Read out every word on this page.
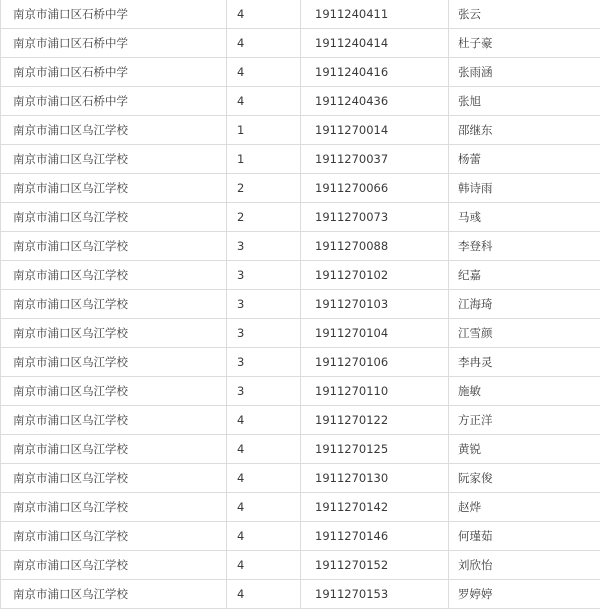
南京市浦口区石桥中学	4	1911240411	张云
南京市浦口区石桥中学	4	1911240414	杜子豪
南京市浦口区石桥中学	4	1911240416	张雨涵
南京市浦口区石桥中学	4	1911240436	张旭
南京市浦口区乌江学校	1	1911270014	邵继东
南京市浦口区乌江学校	1	1911270037	杨蕾
南京市浦口区乌江学校	2	1911270066	韩诗雨
南京市浦口区乌江学校	2	1911270073	马彧
南京市浦口区乌江学校	3	1911270088	李登科
南京市浦口区乌江学校	3	1911270102	纪嘉
南京市浦口区乌江学校	3	1911270103	江海琦
南京市浦口区乌江学校	3	1911270104	江雪颜
南京市浦口区乌江学校	3	1911270106	李冉灵
南京市浦口区乌江学校	3	1911270110	施敏
南京市浦口区乌江学校	4	1911270122	方正洋
南京市浦口区乌江学校	4	1911270125	黄锐
南京市浦口区乌江学校	4	1911270130	阮家俊
南京市浦口区乌江学校	4	1911270142	赵烨
南京市浦口区乌江学校	4	1911270146	何瑾茹
南京市浦口区乌江学校	4	1911270152	刘欣怡
南京市浦口区乌江学校	4	1911270153	罗婷婷
